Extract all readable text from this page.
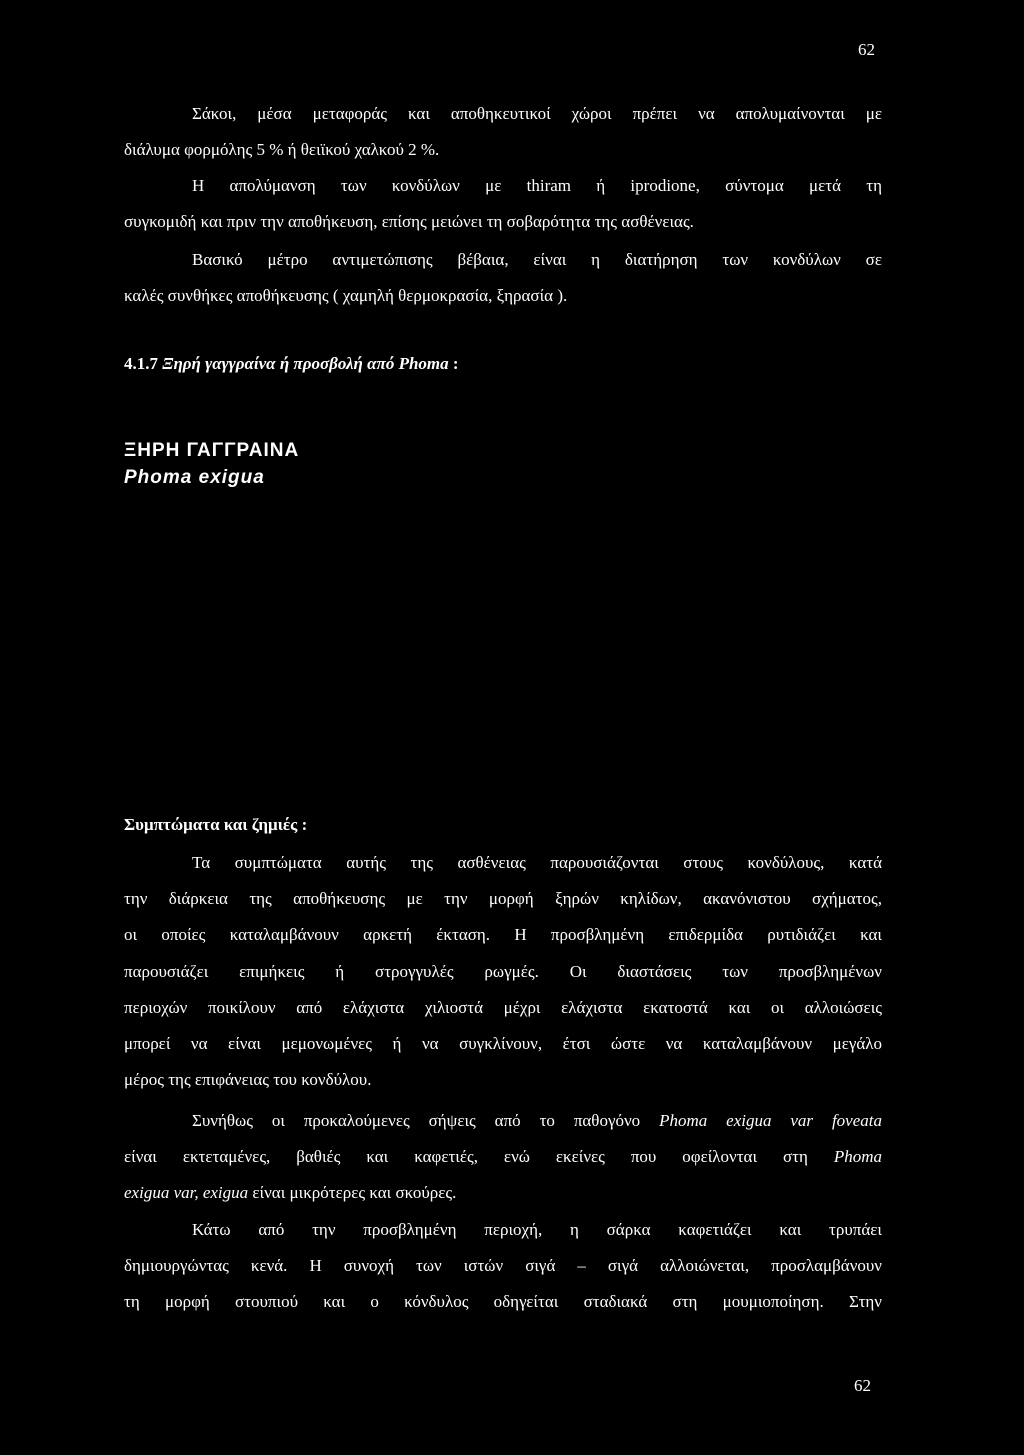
62
Σάκοι, μέσα μεταφοράς και αποθηκευτικοί χώροι πρέπει να απολυμαίνονται με
διάλυμα φορμόλης 5 % ή θειϊκού χαλκού 2 %.
Η απολύμανση των κονδύλων με thiram ή iprodione, σύντομα μετά τη
συγκομιδή και πριν την αποθήκευση, επίσης μειώνει τη σοβαρότητα της ασθένειας.
Βασικό μέτρο αντιμετώπισης βέβαια, είναι η διατήρηση των κονδύλων σε
καλές συνθήκες αποθήκευσης ( χαμηλή θερμοκρασία, ξηρασία ).
4.1.7 Ξηρή γαγγραίνα ή προσβολή από Phoma :
ΞΗΡΗ ΓΑΓΓΡΑΙΝΑ
Phoma exigua
Συμπτώματα και ζημιές :
Τα συμπτώματα αυτής της ασθένειας παρουσιάζονται στους κονδύλους, κατά
την διάρκεια της αποθήκευσης με την μορφή ξηρών κηλίδων, ακανόνιστου σχήματος,
οι οποίες καταλαμβάνουν αρκετή έκταση. Η προσβλημένη επιδερμίδα ρυτιδιάζει και
παρουσιάζει επιμήκεις ή στρογγυλές ρωγμές. Οι διαστάσεις των προσβλημένων
περιοχών ποικίλουν από ελάχιστα χιλιοστά μέχρι ελάχιστα εκατοστά και οι αλλοιώσεις
μπορεί να είναι μεμονωμένες ή να συγκλίνουν, έτσι ώστε να καταλαμβάνουν μεγάλο
μέρος της επιφάνειας του κονδύλου.
Συνήθως οι προκαλούμενες σήψεις από το παθογόνο Phoma exigua var foveata
είναι εκτεταμένες, βαθιές και καφετιές, ενώ εκείνες που οφείλονται στη Phoma
exigua var, exigua είναι μικρότερες και σκούρες.
Κάτω από την προσβλημένη περιοχή, η σάρκα καφετιάζει και τρυπάει
δημιουργώντας κενά. Η συνοχή των ιστών σιγά – σιγά αλλοιώνεται, προσλαμβάνουν
τη μορφή στουπιού και ο κόνδυλος οδηγείται σταδιακά στη μουμιοποίηση. Στην
62
